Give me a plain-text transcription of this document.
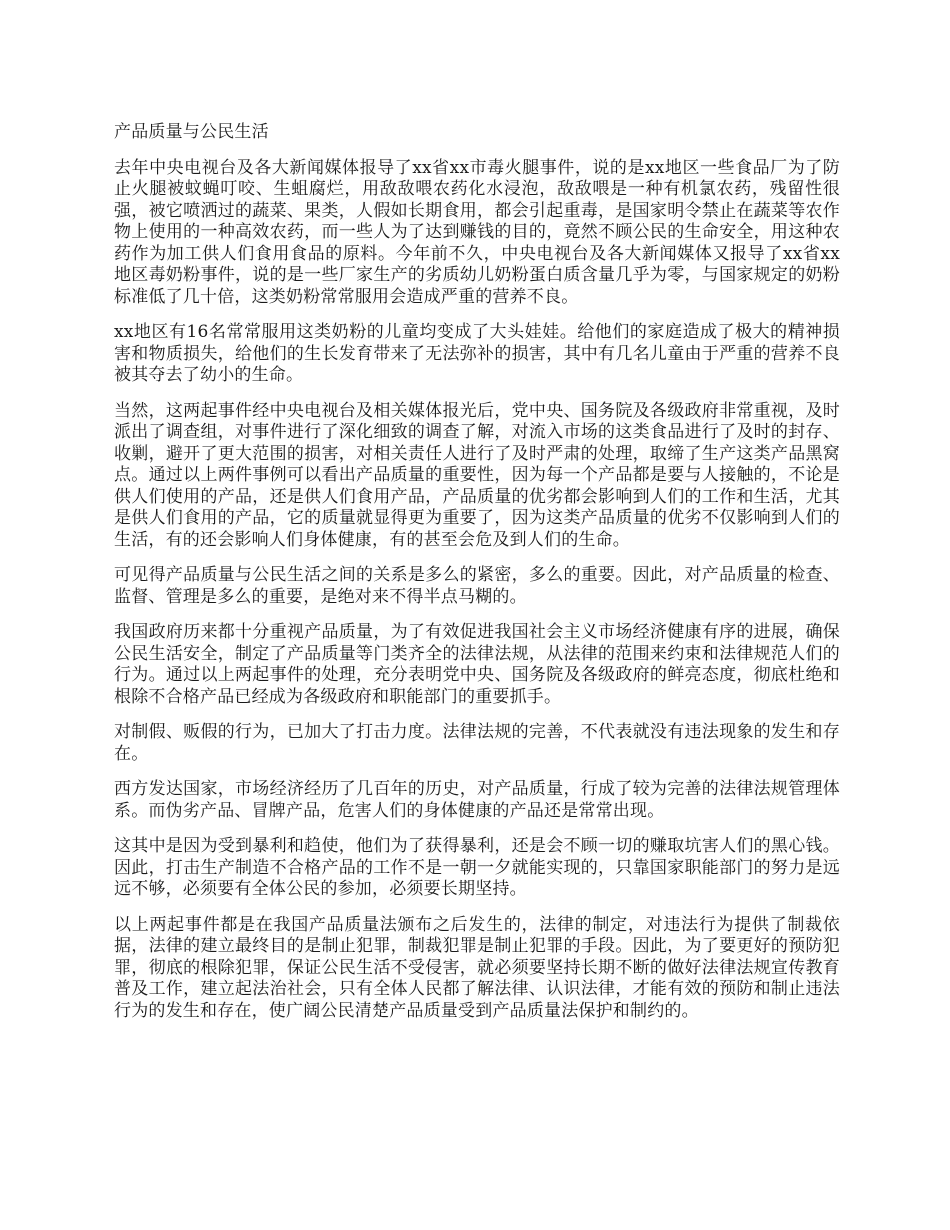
产品质量与公民生活

去年中央电视台及各大新闻媒体报导了xx省xx市毒火腿事件，说的是xx地区一些食品厂为了防止火腿被蚊蝇叮咬、生蛆腐烂，用敌敌喂农药化水浸泡，敌敌喂是一种有机氯农药，残留性很强，被它喷洒过的蔬菜、果类，人假如长期食用，都会引起重毒，是国家明令禁止在蔬菜等农作物上使用的一种高效农药，而一些人为了达到赚钱的目的，竟然不顾公民的生命安全，用这种农药作为加工供人们食用食品的原料。今年前不久，中央电视台及各大新闻媒体又报导了xx省xx地区毒奶粉事件，说的是一些厂家生产的劣质幼儿奶粉蛋白质含量几乎为零，与国家规定的奶粉标准低了几十倍，这类奶粉常常服用会造成严重的营养不良。

xx地区有16名常常服用这类奶粉的儿童均变成了大头娃娃。给他们的家庭造成了极大的精神损害和物质损失，给他们的生长发育带来了无法弥补的损害，其中有几名儿童由于严重的营养不良被其夺去了幼小的生命。

当然，这两起事件经中央电视台及相关媒体报光后，党中央、国务院及各级政府非常重视，及时派出了调查组，对事件进行了深化细致的调查了解，对流入市场的这类食品进行了及时的封存、收剿，避开了更大范围的损害，对相关责任人进行了及时严肃的处理，取缔了生产这类产品黑窝点。通过以上两件事例可以看出产品质量的重要性，因为每一个产品都是要与人接触的，不论是供人们使用的产品，还是供人们食用产品，产品质量的优劣都会影响到人们的工作和生活，尤其是供人们食用的产品，它的质量就显得更为重要了，因为这类产品质量的优劣不仅影响到人们的生活，有的还会影响人们身体健康，有的甚至会危及到人们的生命。

可见得产品质量与公民生活之间的关系是多么的紧密，多么的重要。因此，对产品质量的检查、监督、管理是多么的重要，是绝对来不得半点马糊的。

我国政府历来都十分重视产品质量，为了有效促进我国社会主义市场经济健康有序的进展，确保公民生活安全，制定了产品质量等门类齐全的法律法规，从法律的范围来约束和法律规范人们的行为。通过以上两起事件的处理，充分表明党中央、国务院及各级政府的鲜亮态度，彻底杜绝和根除不合格产品已经成为各级政府和职能部门的重要抓手。

对制假、贩假的行为，已加大了打击力度。法律法规的完善，不代表就没有违法现象的发生和存在。

西方发达国家，市场经济经历了几百年的历史，对产品质量，行成了较为完善的法律法规管理体系。而伪劣产品、冒牌产品，危害人们的身体健康的产品还是常常出现。

这其中是因为受到暴利和趋使，他们为了获得暴利，还是会不顾一切的赚取坑害人们的黑心钱。因此，打击生产制造不合格产品的工作不是一朝一夕就能实现的，只靠国家职能部门的努力是远远不够，必须要有全体公民的参加，必须要长期坚持。

以上两起事件都是在我国产品质量法颁布之后发生的，法律的制定，对违法行为提供了制裁依据，法律的建立最终目的是制止犯罪，制裁犯罪是制止犯罪的手段。因此，为了要更好的预防犯罪，彻底的根除犯罪，保证公民生活不受侵害，就必须要坚持长期不断的做好法律法规宣传教育普及工作，建立起法治社会，只有全体人民都了解法律、认识法律，才能有效的预防和制止违法行为的发生和存在，使广阔公民清楚产品质量受到产品质量法保护和制约的。
